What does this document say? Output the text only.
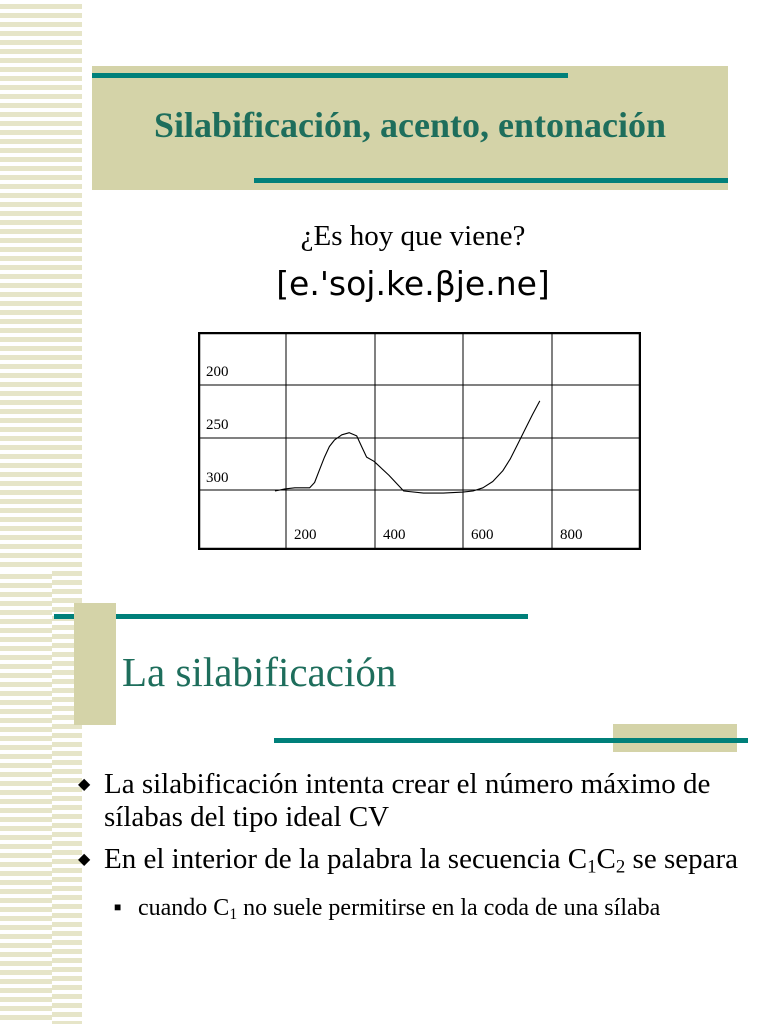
Silabificación, acento, entonación
¿Es hoy que viene?
[e.'soj.ke.βje.ne]
200
250
300
200	400	600	800
La silabificación
◆ La silabificación intenta crear el número máximo de sílabas del tipo ideal CV
◆ En el interior de la palabra la secuencia $C_1C_2$ se separa
■ cuando $C_1$ no suele permitirse en la coda de una sílaba
